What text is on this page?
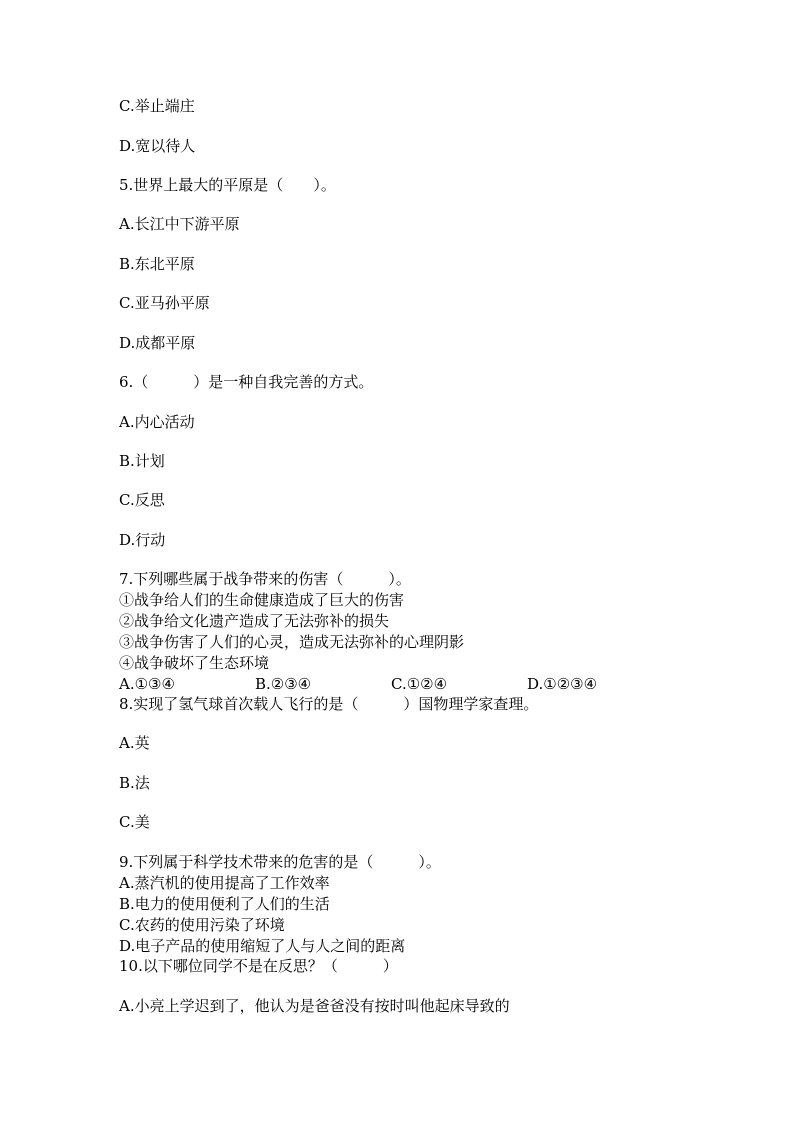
C.举止端庄
D.宽以待人
5.世界上最大的平原是（　　）。
A.长江中下游平原
B.东北平原
C.亚马孙平原
D.成都平原
6.（　　　）是一种自我完善的方式。
A.内心活动
B.计划
C.反思
D.行动
7.下列哪些属于战争带来的伤害（　　　）。
①战争给人们的生命健康造成了巨大的伤害
②战争给文化遗产造成了无法弥补的损失
③战争伤害了人们的心灵，造成无法弥补的心理阴影
④战争破坏了生态环境
A.①③④	B.②③④	C.①②④	D.①②③④
8.实现了氢气球首次载人飞行的是（　　　）国物理学家查理。
A.英
B.法
C.美
9.下列属于科学技术带来的危害的是（　　　）。
A.蒸汽机的使用提高了工作效率
B.电力的使用便利了人们的生活
C.农药的使用污染了环境
D.电子产品的使用缩短了人与人之间的距离
10.以下哪位同学不是在反思？（　　　）
A.小亮上学迟到了，他认为是爸爸没有按时叫他起床导致的
